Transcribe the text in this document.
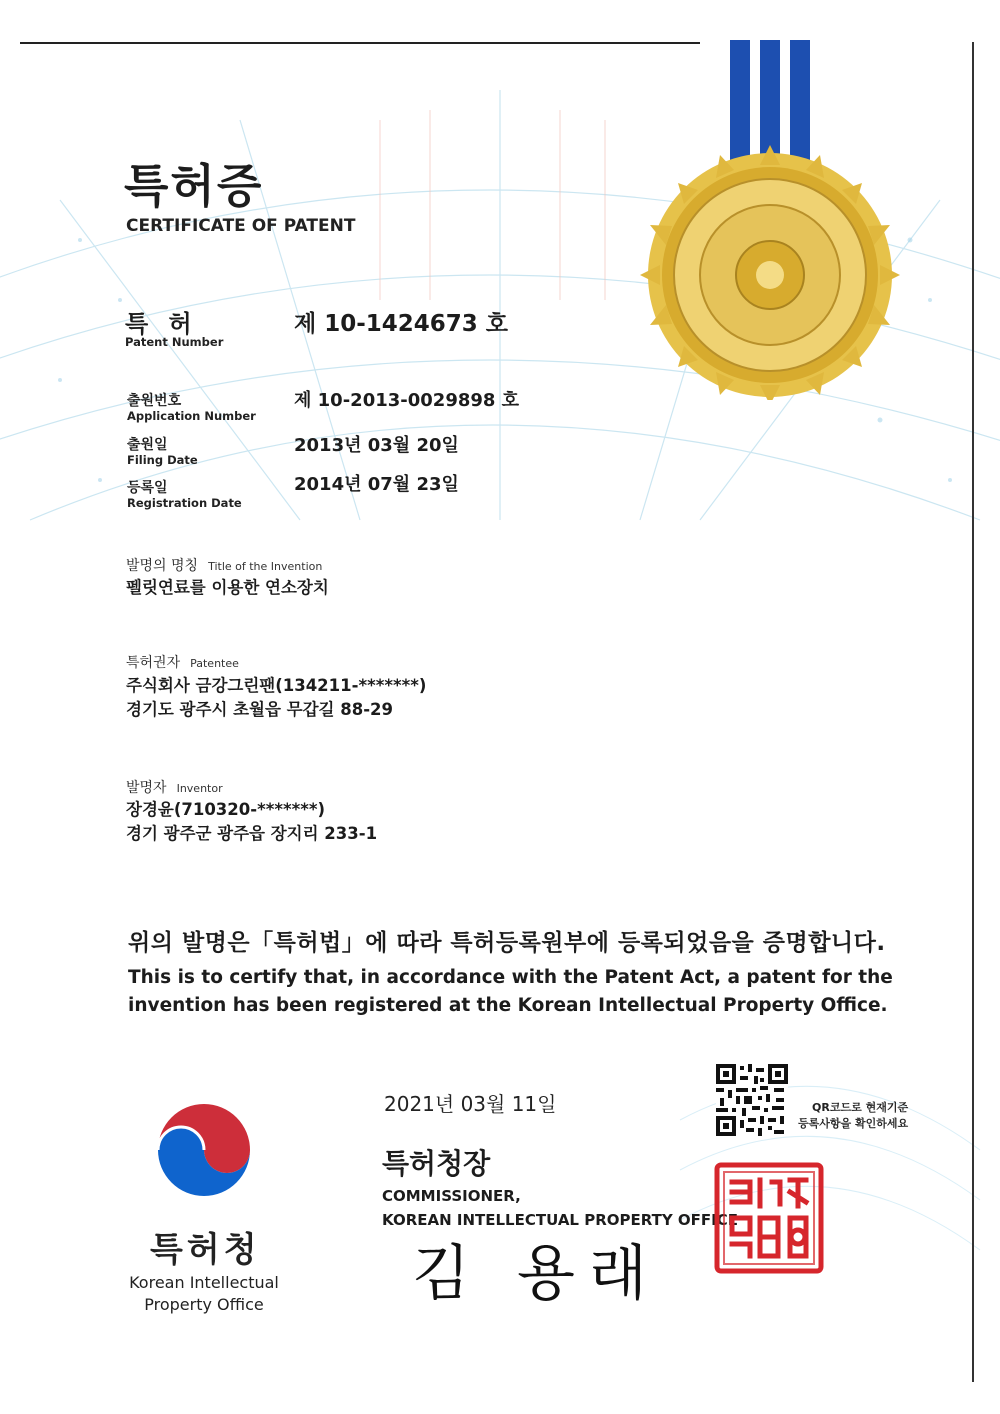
특허증
CERTIFICATE OF PATENT
특 허
Patent Number
제 10-1424673 호
출원번호
Application Number
제 10-2013-0029898 호
출원일
Filing Date
2013년 03월 20일
등록일
Registration Date
2014년 07월 23일
발명의 명칭 Title of the Invention
펠릿연료를 이용한 연소장치
특허권자 Patentee
주식회사 금강그린팬(134211-*******)
경기도 광주시 초월읍 무갑길 88-29
발명자 Inventor
장경윤(710320-*******)
경기 광주군 광주읍 장지리 233-1
위의 발명은「특허법」에 따라 특허등록원부에 등록되었음을 증명합니다.
This is to certify that, in accordance with the Patent Act, a patent for the
invention has been registered at the Korean Intellectual Property Office.
2021년 03월 11일	QR코드로 현재기준
등록사항을 확인하세요
특허청장
COMMISSIONER,
KOREAN INTELLECTUAL PROPERTY OFFICE
김 용래
특허청
Korean Intellectual
Property Office
